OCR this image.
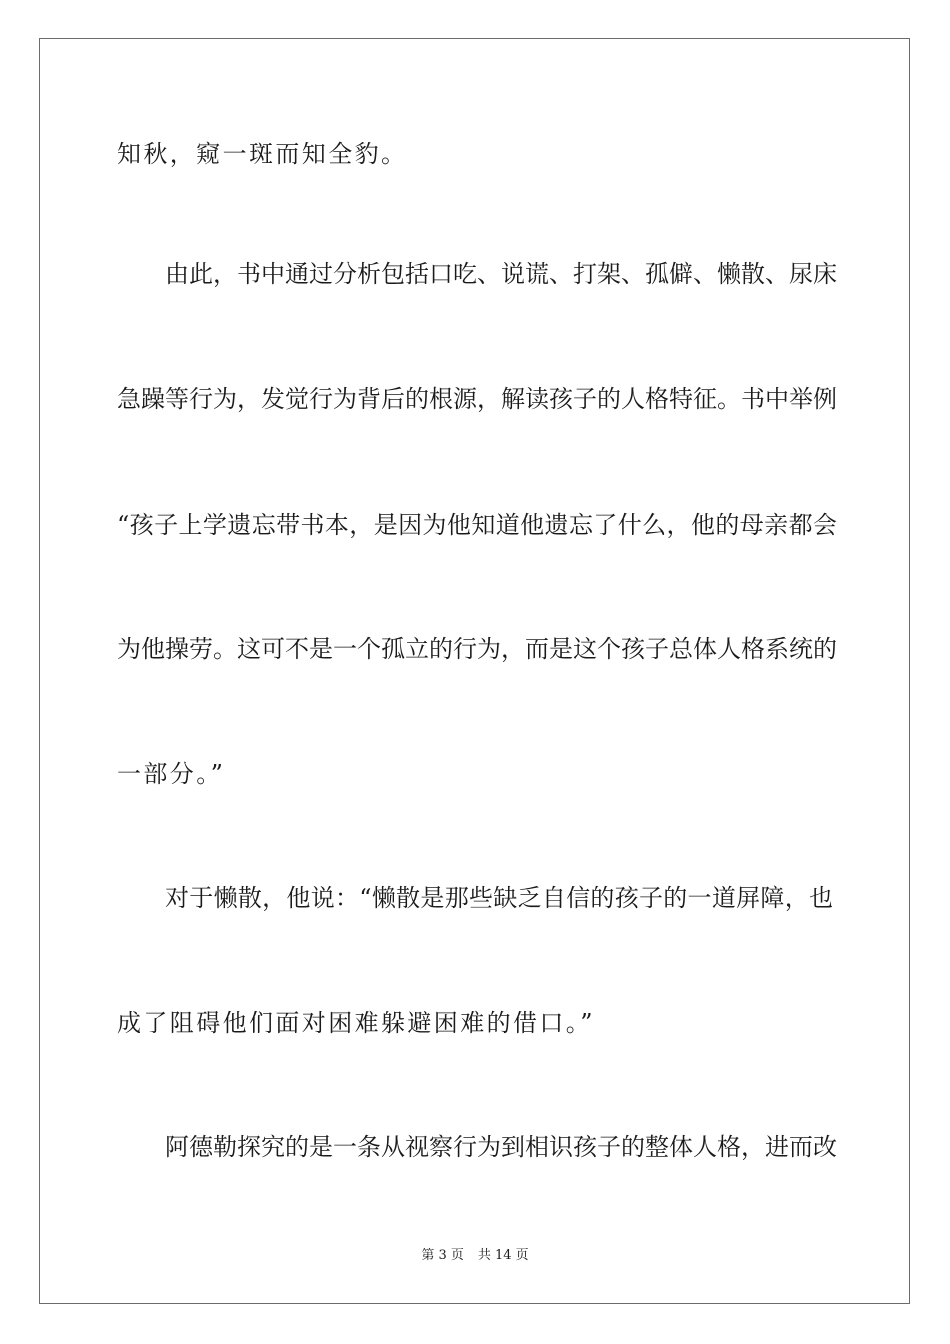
知秋，窥一斑而知全豹。
由此，书中通过分析包括口吃、说谎、打架、孤僻、懒散、尿床
急躁等行为，发觉行为背后的根源，解读孩子的人格特征。书中举例
“孩子上学遗忘带书本，是因为他知道他遗忘了什么，他的母亲都会
为他操劳。这可不是一个孤立的行为，而是这个孩子总体人格系统的
一部分。”
对于懒散，他说：“懒散是那些缺乏自信的孩子的一道屏障，也
成了阻碍他们面对困难躲避困难的借口。”
阿德勒探究的是一条从视察行为到相识孩子的整体人格，进而改
第 3 页 共 14 页
